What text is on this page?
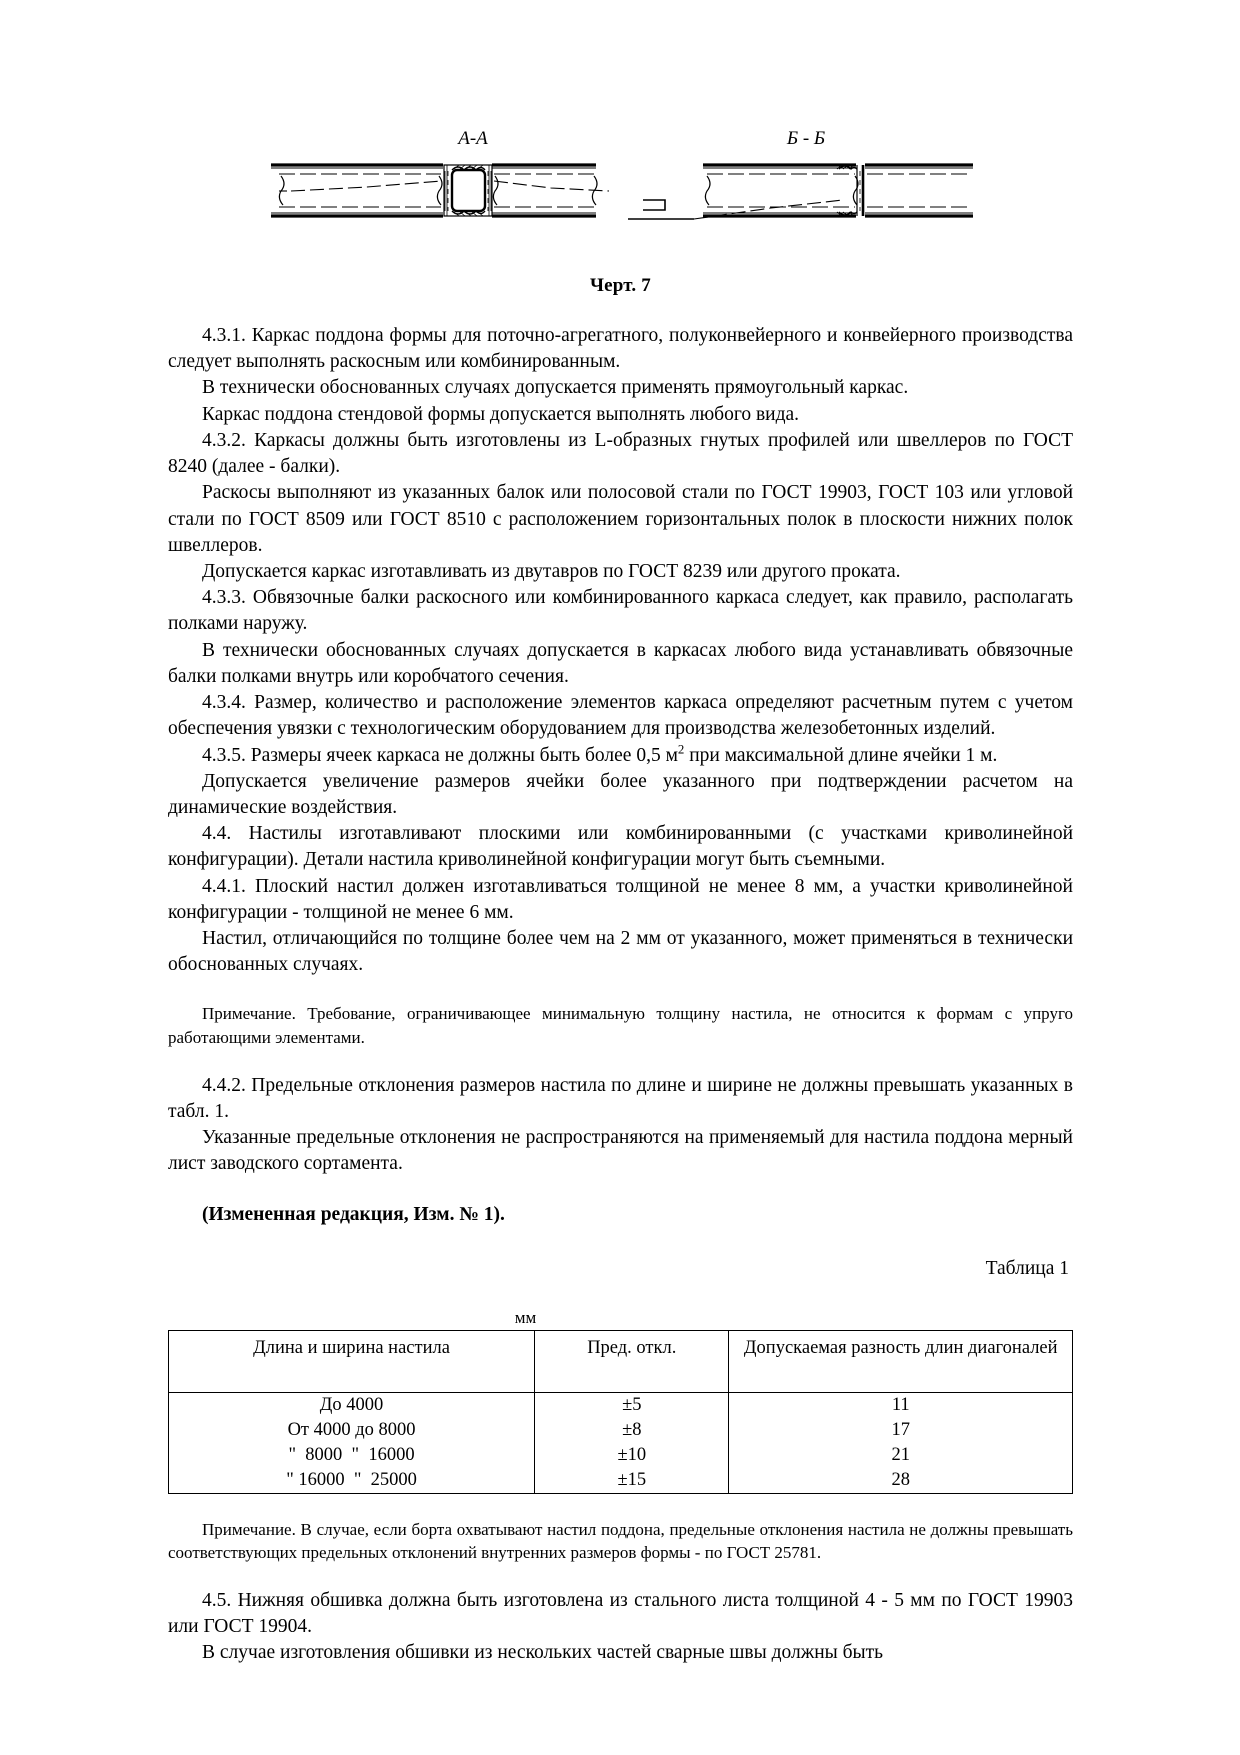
А-А	Б - Б
Черт. 7

4.3.1. Каркас поддона формы для поточно-агрегатного, полуконвейерного и конвейерного производства следует выполнять раскосным или комбинированным.

В технически обоснованных случаях допускается применять прямоугольный каркас.

Каркас поддона стендовой формы допускается выполнять любого вида.

4.3.2. Каркасы должны быть изготовлены из L-образных гнутых профилей или швеллеров по ГОСТ 8240 (далее - балки).

Раскосы выполняют из указанных балок или полосовой стали по ГОСТ 19903, ГОСТ 103 или угловой стали по ГОСТ 8509 или ГОСТ 8510 с расположением горизонтальных полок в плоскости нижних полок швеллеров.

Допускается каркас изготавливать из двутавров по ГОСТ 8239 или другого проката.

4.3.3. Обвязочные балки раскосного или комбинированного каркаса следует, как правило, располагать полками наружу.

В технически обоснованных случаях допускается в каркасах любого вида устанавливать обвязочные балки полками внутрь или коробчатого сечения.

4.3.4. Размер, количество и расположение элементов каркаса определяют расчетным путем с учетом обеспечения увязки с технологическим оборудованием для производства железобетонных изделий.

4.3.5. Размеры ячеек каркаса не должны быть более 0,5 $м^2$ при максимальной длине ячейки 1 м.

Допускается увеличение размеров ячейки более указанного при подтверждении расчетом на динамические воздействия.

4.4. Настилы изготавливают плоскими или комбинированными (с участками криволинейной конфигурации). Детали настила криволинейной конфигурации могут быть съемными.

4.4.1. Плоский настил должен изготавливаться толщиной не менее 8 мм, а участки криволинейной конфигурации - толщиной не менее 6 мм.

Настил, отличающийся по толщине более чем на 2 мм от указанного, может применяться в технически обоснованных случаях.

Примечание. Требование, ограничивающее минимальную толщину настила, не относится к формам с упруго работающими элементами.

4.4.2. Предельные отклонения размеров настила по длине и ширине не должны превышать указанных в табл. 1.

Указанные предельные отклонения не распространяются на применяемый для настила поддона мерный лист заводского сортамента.

(Измененная редакция, Изм. № 1).

Таблица 1
мм
Длина и ширина настила	Пред. откл.	Допускаемая разность длин диагоналей
До 4000	±5	11
От 4000 до 8000	±8	17
"  8000  "  16000	±10	21
" 16000  "  25000	±15	28

Примечание. В случае, если борта охватывают настил поддона, предельные отклонения настила не должны превышать соответствующих предельных отклонений внутренних размеров формы - по ГОСТ 25781.

4.5. Нижняя обшивка должна быть изготовлена из стального листа толщиной 4 - 5 мм по ГОСТ 19903 или ГОСТ 19904.

В случае изготовления обшивки из нескольких частей сварные швы должны быть
